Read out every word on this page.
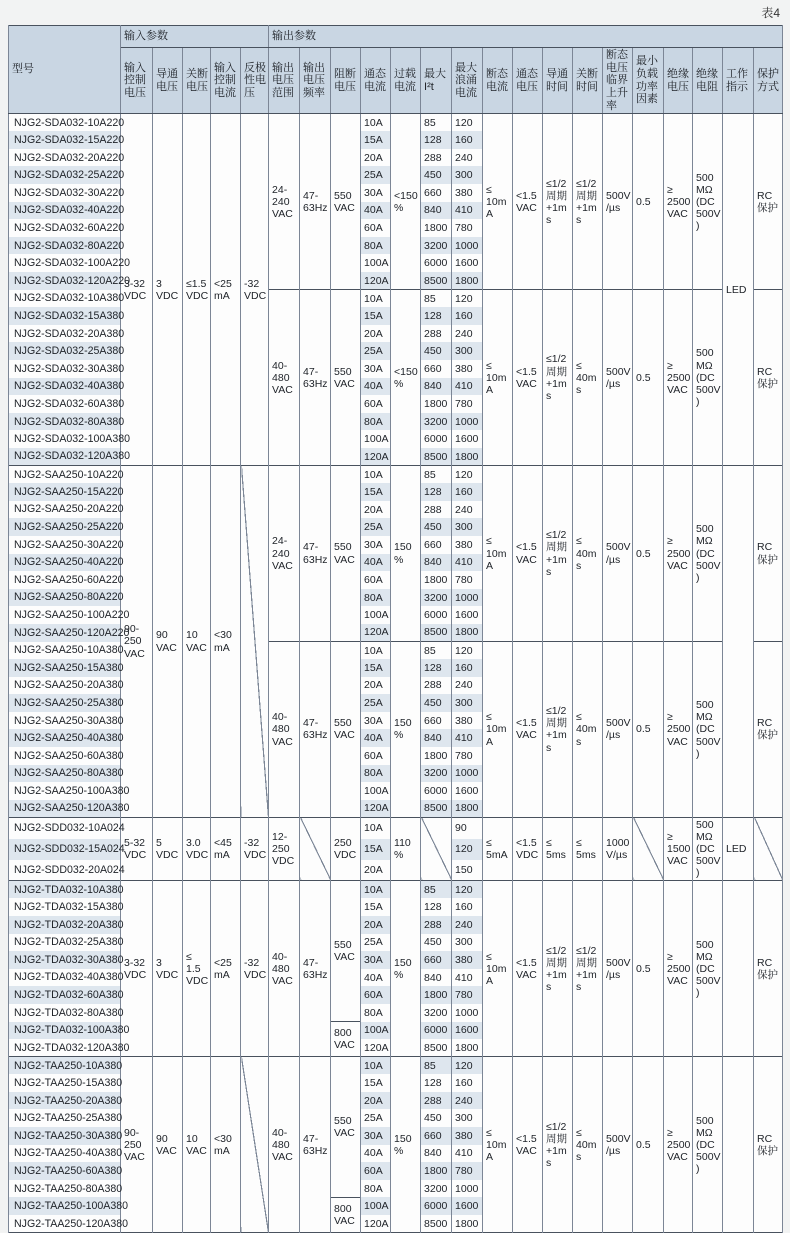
表4
型号	输入参数					输出参数																
	输入控制电压	导通电压	关断电压	输入控制电流	反极性电压	输出电压范围	输出电压频率	阻断电压	通态电流	过载电流	最大 I²t	最大浪涌电流	断态电流	通态电压	导通时间	关断时间	断态电压临界上升率	最小负载功率因素	绝缘电压	绝缘电阻	工作指示	保护方式
NJG2-SDA032-10A220	3-32 VDC	3 VDC	≤1.5 VDC	<25 mA	-32 VDC	24-240 VAC	47-63Hz	550 VAC	10A	<150%	85	120	≤ 10mA	<1.5 VAC	≤1/2周期+1ms	≤1/2周期+1ms	500V/µs	0.5	≥ 2500 VAC	500 MΩ (DC 500V)	LED	RC保护
NJG2-SDA032-15A220									15A		128	160										
NJG2-SDA032-20A220									20A		288	240										
NJG2-SDA032-25A220									25A		450	300										
NJG2-SDA032-30A220									30A		660	380										
NJG2-SDA032-40A220									40A		840	410										
NJG2-SDA032-60A220									60A		1800	780										
NJG2-SDA032-80A220									80A		3200	1000										
NJG2-SDA032-100A220									100A		6000	1600										
NJG2-SDA032-120A220									120A		8500	1800										
NJG2-SDA032-10A380						40-480 VAC	47-63Hz	550 VAC	10A	<150%	85	120	≤ 10mA	<1.5 VAC	≤1/2周期+1ms	≤ 40ms	500V/µs	0.5	≥ 2500 VAC	500 MΩ (DC 500V)		RC保护
NJG2-SDA032-15A380									15A		128	160										
NJG2-SDA032-20A380									20A		288	240										
NJG2-SDA032-25A380									25A		450	300										
NJG2-SDA032-30A380									30A		660	380										
NJG2-SDA032-40A380									40A		840	410										
NJG2-SDA032-60A380									60A		1800	780										
NJG2-SDA032-80A380									80A		3200	1000										
NJG2-SDA032-100A380									100A		6000	1600										
NJG2-SDA032-120A380									120A		8500	1800										
NJG2-SAA250-10A220	90-250 VAC	90 VAC	10 VAC	<30 mA		24-240 VAC	47-63Hz	550 VAC	10A	150%	85	120	≤ 10mA	<1.5 VAC	≤1/2周期+1ms	≤ 40ms	500V/µs	0.5	≥ 2500 VAC	500 MΩ (DC 500V)		RC保护
NJG2-SAA250-15A220									15A		128	160										
NJG2-SAA250-20A220									20A		288	240										
NJG2-SAA250-25A220									25A		450	300										
NJG2-SAA250-30A220									30A		660	380										
NJG2-SAA250-40A220									40A		840	410										
NJG2-SAA250-60A220									60A		1800	780										
NJG2-SAA250-80A220									80A		3200	1000										
NJG2-SAA250-100A220									100A		6000	1600										
NJG2-SAA250-120A220									120A		8500	1800										
NJG2-SAA250-10A380						40-480 VAC	47-63Hz	550 VAC	10A	150%	85	120	≤ 10mA	<1.5 VAC	≤1/2周期+1ms	≤ 40ms	500V/µs	0.5	≥ 2500 VAC	500 MΩ (DC 500V)		RC保护
NJG2-SAA250-15A380									15A		128	160										
NJG2-SAA250-20A380									20A		288	240										
NJG2-SAA250-25A380									25A		450	300										
NJG2-SAA250-30A380									30A		660	380										
NJG2-SAA250-40A380									40A		840	410										
NJG2-SAA250-60A380									60A		1800	780										
NJG2-SAA250-80A380									80A		3200	1000										
NJG2-SAA250-100A380									100A		6000	1600										
NJG2-SAA250-120A380									120A		8500	1800										
NJG2-SDD032-10A024	5-32 VDC	5 VDC	3.0 VDC	<45 mA	-32 VDC	12-250 VDC		250 VDC	10A	110%		90	≤ 5mA	<1.5 VDC	≤ 5ms	≤ 5ms	1000V/µs		≥ 1500 VAC	500 MΩ (DC 500V)	LED	
NJG2-SDD032-15A024									15A			120										
NJG2-SDD032-20A024									20A			150										
NJG2-TDA032-10A380	3-32 VDC	3 VDC	≤ 1.5 VDC	<25 mA	-32 VDC	40-480 VAC	47-63Hz	550 VAC	10A	150%	85	120	≤ 10mA	<1.5 VAC	≤1/2周期+1ms	≤1/2周期+1ms	500V /µs	0.5	≥ 2500 VAC	500 MΩ (DC 500V)		RC保护
NJG2-TDA032-15A380									15A		128	160										
NJG2-TDA032-20A380									20A		288	240										
NJG2-TDA032-25A380									25A		450	300										
NJG2-TDA032-30A380									30A		660	380										
NJG2-TDA032-40A380									40A		840	410										
NJG2-TDA032-60A380									60A		1800	780										
NJG2-TDA032-80A380									80A		3200	1000										
NJG2-TDA032-100A380								800 VAC	100A		6000	1600										
NJG2-TDA032-120A380									120A		8500	1800										
NJG2-TAA250-10A380	90-250 VAC	90 VAC	10 VAC	<30 mA		40-480 VAC	47-63Hz	550 VAC	10A	150%	85	120	≤ 10mA	<1.5 VAC	≤1/2周期+1ms	≤ 40ms	500V /µs	0.5	≥ 2500 VAC	500 MΩ (DC 500V)		RC保护
NJG2-TAA250-15A380									15A		128	160										
NJG2-TAA250-20A380									20A		288	240										
NJG2-TAA250-25A380									25A		450	300										
NJG2-TAA250-30A380									30A		660	380										
NJG2-TAA250-40A380									40A		840	410										
NJG2-TAA250-60A380									60A		1800	780										
NJG2-TAA250-80A380									80A		3200	1000										
NJG2-TAA250-100A380								800 VAC	100A		6000	1600										
NJG2-TAA250-120A380									120A		8500	1800										
